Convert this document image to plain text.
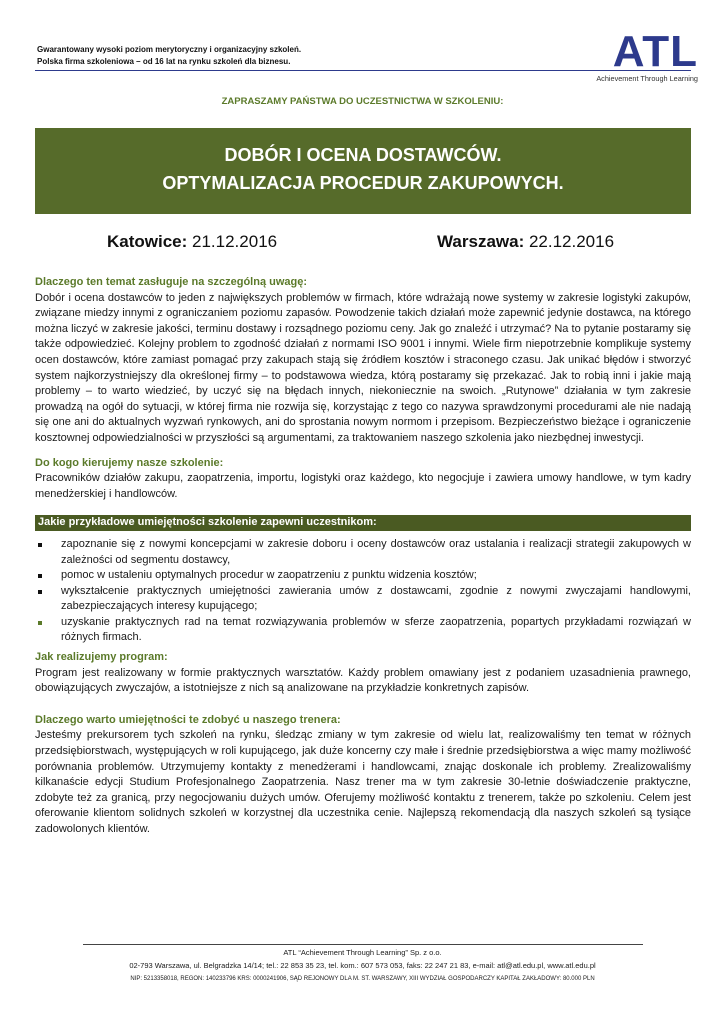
Gwarantowany wysoki poziom merytoryczny i organizacyjny szkoleń.
Polska firma szkoleniowa – od 16 lat na rynku szkoleń dla biznesu.	ATL
Achievement Through Learning
ZAPRASZAMY PAŃSTWA DO UCZESTNICTWA W SZKOLENIU:
DOBÓR I OCENA DOSTAWCÓW.
OPTYMALIZACJA PROCEDUR ZAKUPOWYCH.
Katowice: 21.12.2016	Warszawa: 22.12.2016
Dlaczego ten temat zasługuje na szczególną uwagę:
Dobór i ocena dostawców to jeden z największych problemów w firmach, które wdrażają nowe systemy w zakresie logistyki zakupów, związane miedzy innymi z ograniczaniem poziomu zapasów. Powodzenie takich działań może zapewnić jedynie dostawca, na którego można liczyć w zakresie jakości, terminu dostawy i rozsądnego poziomu ceny. Jak go znaleźć i utrzymać? Na to pytanie postaramy się także odpowiedzieć. Kolejny problem to zgodność działań z normami ISO 9001 i innymi. Wiele firm niepotrzebnie komplikuje systemy ocen dostawców, które zamiast pomagać przy zakupach stają się źródłem kosztów i straconego czasu. Jak unikać błędów i stworzyć system najkorzystniejszy dla określonej firmy – to podstawowa wiedza, którą postaramy się przekazać. Jak to robią inni i jakie mają problemy – to warto wiedzieć, by uczyć się na błędach innych, niekoniecznie na swoich. „Rutynowe” działania w tym zakresie prowadzą na ogół do sytuacji, w której firma nie rozwija się, korzystając z tego co nazywa sprawdzonymi procedurami ale nie nadają się one ani do aktualnych wyzwań rynkowych, ani do sprostania nowym normom i przepisom. Bezpieczeństwo bieżące i ograniczenie kosztownej odpowiedzialności w przyszłości są argumentami, za traktowaniem naszego szkolenia jako niezbędnej inwestycji.
Do kogo kierujemy nasze szkolenie:
Pracowników działów zakupu, zaopatrzenia, importu, logistyki oraz każdego, kto negocjuje i zawiera umowy handlowe, w tym kadry menedżerskiej i handlowców.
Jakie przykładowe umiejętności szkolenie zapewni uczestnikom:
zapoznanie się z nowymi koncepcjami w zakresie doboru i oceny dostawców oraz ustalania i realizacji strategii zakupowych w zależności od segmentu dostawcy,
pomoc w ustaleniu optymalnych procedur w zaopatrzeniu z punktu widzenia kosztów;
wykształcenie praktycznych umiejętności zawierania umów z dostawcami, zgodnie z nowymi zwyczajami handlowymi, zabezpieczających interesy kupującego;
uzyskanie praktycznych rad na temat rozwiązywania problemów w sferze zaopatrzenia, popartych przykładami rozwiązań w różnych firmach.
Jak realizujemy program:
Program jest realizowany w formie praktycznych warsztatów. Każdy problem omawiany jest z podaniem uzasadnienia prawnego, obowiązujących zwyczajów, a istotniejsze z nich są analizowane na przykładzie konkretnych zapisów.
Dlaczego warto umiejętności te zdobyć u naszego trenera:
Jesteśmy prekursorem tych szkoleń na rynku, śledząc zmiany w tym zakresie od wielu lat, realizowaliśmy ten temat w różnych przedsiębiorstwach, występujących w roli kupującego, jak duże koncerny czy małe i średnie przedsiębiorstwa a więc mamy możliwość porównania problemów. Utrzymujemy kontakty z menedżerami i handlowcami, znając doskonale ich problemy. Zrealizowaliśmy kilkanaście edycji Studium Profesjonalnego Zaopatrzenia. Nasz trener ma w tym zakresie 30-letnie doświadczenie praktyczne, zdobyte też za granicą, przy negocjowaniu dużych umów. Oferujemy możliwość kontaktu z trenerem, także po szkoleniu. Celem jest oferowanie klientom solidnych szkoleń w korzystnej dla uczestnika cenie. Najlepszą rekomendacją dla naszych szkoleń są tysiące zadowolonych klientów.
ATL “Achievement Through Learning” Sp. z o.o.
02-793 Warszawa, ul. Belgradzka 14/14; tel.: 22 853 35 23, tel. kom.: 607 573 053, faks: 22 247 21 83, e-mail: atl@atl.edu.pl, www.atl.edu.pl
NIP: 5213358018, REGON: 140233796 KRS: 0000241906, SĄD REJONOWY DLA M. ST. WARSZAWY, XIII WYDZIAŁ GOSPODARCZY KAPITAŁ ZAKŁADOWY: 80.000 PLN
